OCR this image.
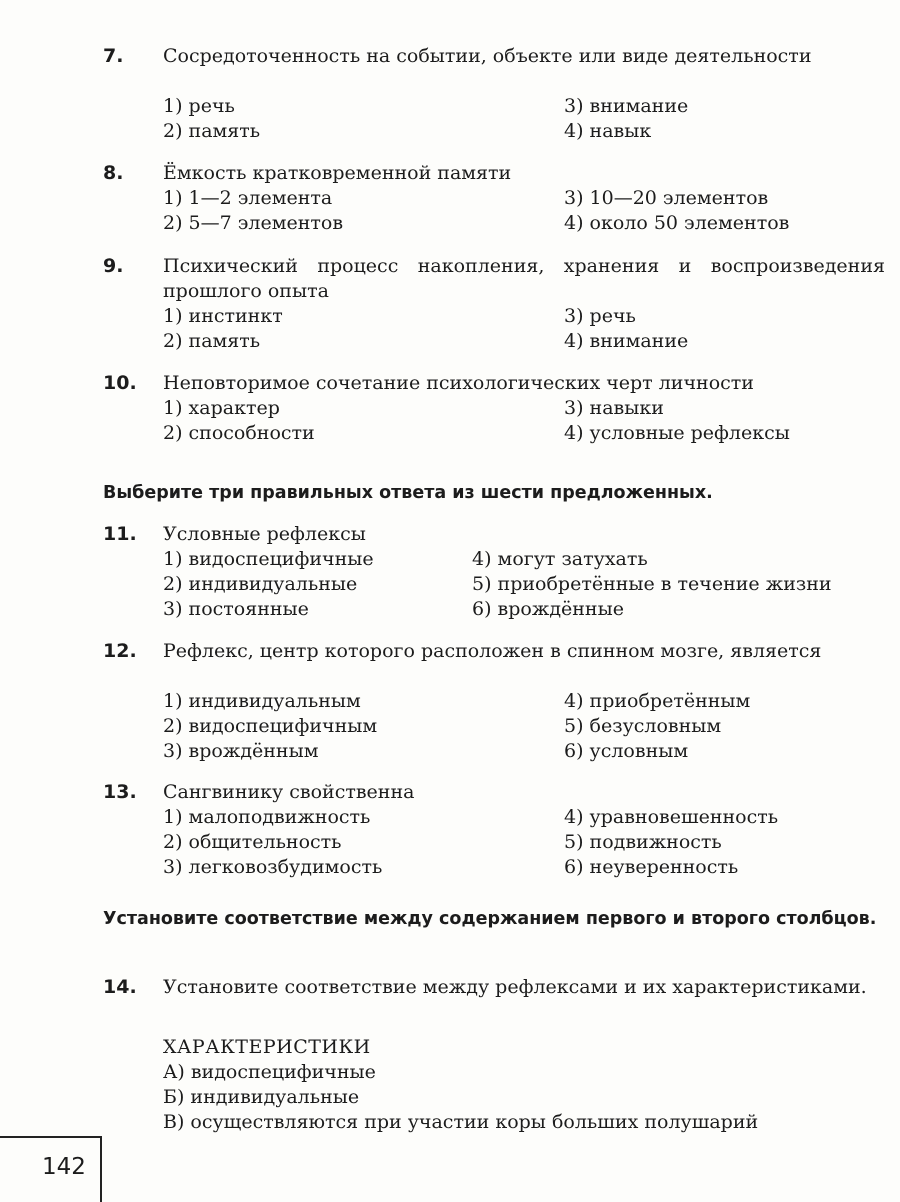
7. Сосредоточенность на событии, объекте или виде деятельности
1) речь	3) внимание
2) память	4) навык
8. Ёмкость кратковременной памяти
1) 1—2 элемента	3) 10—20 элементов
2) 5—7 элементов	4) около 50 элементов
9. Психический процесс накопления, хранения и воспроизведения прошлого опыта
1) инстинкт	3) речь
2) память	4) внимание
10. Неповторимое сочетание психологических черт личности
1) характер	3) навыки
2) способности	4) условные рефлексы
Выберите три правильных ответа из шести предложенных.
11. Условные рефлексы
1) видоспецифичные	4) могут затухать
2) индивидуальные	5) приобретённые в течение жизни
3) постоянные	6) врождённые
12. Рефлекс, центр которого расположен в спинном мозге, является
1) индивидуальным	4) приобретённым
2) видоспецифичным	5) безусловным
3) врождённым	6) условным
13. Сангвинику свойственна
1) малоподвижность	4) уравновешенность
2) общительность	5) подвижность
3) легковозбудимость	6) неуверенность
Установите соответствие между содержанием первого и второго столбцов.
14. Установите соответствие между рефлексами и их характеристиками.
ХАРАКТЕРИСТИКИ
А) видоспецифичные
Б) индивидуальные
В) осуществляются при участии коры больших полушарий
142
